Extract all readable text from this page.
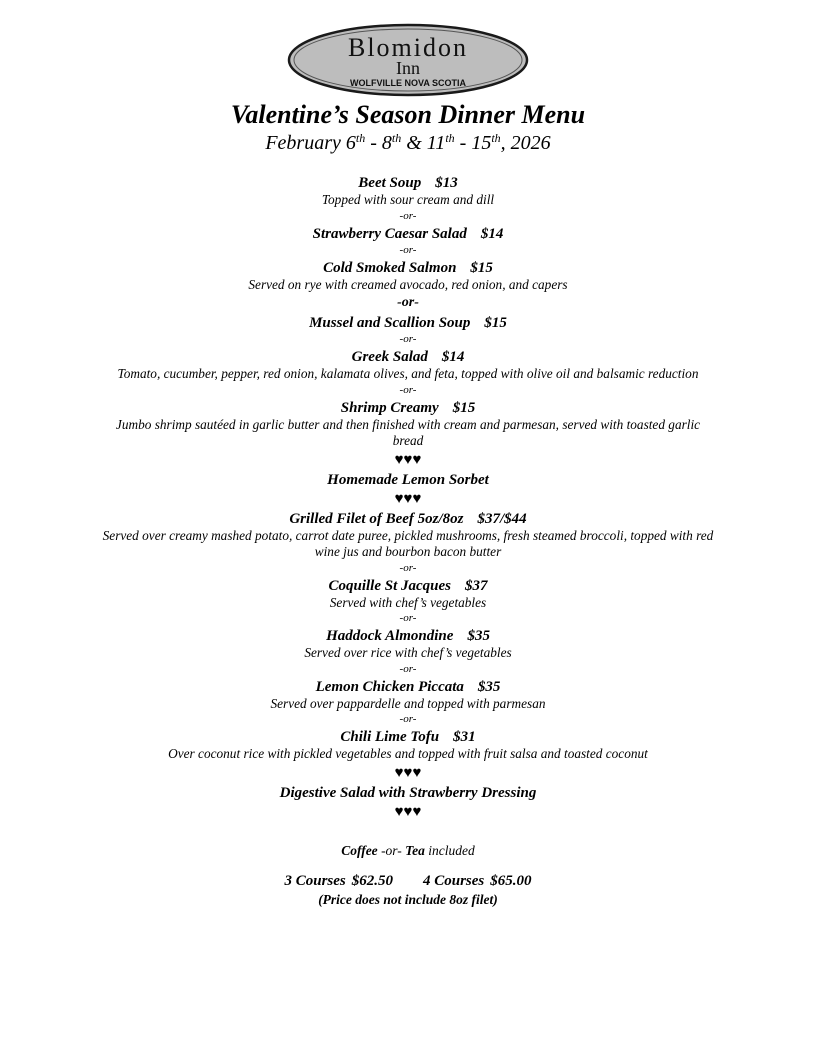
Blomidon
Inn
WOLFVILLE NOVA SCOTIA
Valentine’s Season Dinner Menu
February 6th - 8th & 11th - 15th, 2026
Beet Soup $13
Topped with sour cream and dill
-or-
Strawberry Caesar Salad $14
-or-
Cold Smoked Salmon $15
Served on rye with creamed avocado, red onion, and capers
-or-
Mussel and Scallion Soup $15
-or-
Greek Salad $14
Tomato, cucumber, pepper, red onion, kalamata olives, and feta, topped with olive oil and balsamic reduction
-or-
Shrimp Creamy $15
Jumbo shrimp sautéed in garlic butter and then finished with cream and parmesan, served with toasted garlic bread
♥♥♥
Homemade Lemon Sorbet
♥♥♥
Grilled Filet of Beef 5oz/8oz $37/$44
Served over creamy mashed potato, carrot date puree, pickled mushrooms, fresh steamed broccoli, topped with red wine jus and bourbon bacon butter
-or-
Coquille St Jacques $37
Served with chef’s vegetables
-or-
Haddock Almondine $35
Served over rice with chef’s vegetables
-or-
Lemon Chicken Piccata $35
Served over pappardelle and topped with parmesan
-or-
Chili Lime Tofu $31
Over coconut rice with pickled vegetables and topped with fruit salsa and toasted coconut
♥♥♥
Digestive Salad with Strawberry Dressing
♥♥♥
Coffee -or- Tea included
3 Courses $62.50 4 Courses $65.00
(Price does not include 8oz filet)
